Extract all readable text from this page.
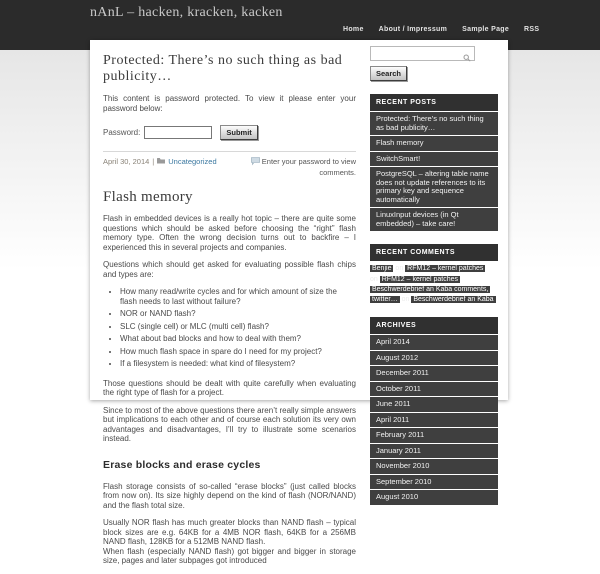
nAnL – hacken, kracken, kacken
Home About / Impressum Sample Page RSS
Protected: There’s no such thing as bad publicity…

This content is password protected. To view it please enter your password below:

Password:	Submit
April 30, 2014 | Uncategorized	Enter your password to view comments.
Flash memory

Flash in embedded devices is a really hot topic – there are quite some questions which should be asked before choosing the “right” flash memory type. Often the wrong decision turns out to backfire – I experienced this in several projects and companies.

Questions which should get asked for evaluating possible flash chips and types are:

• How many read/write cycles and for which amount of size the flash needs to last without failure?
• NOR or NAND flash?
• SLC (single cell) or MLC (multi cell) flash?
• What about bad blocks and how to deal with them?
• How much flash space in spare do I need for my project?
• If a filesystem is needed: what kind of filesystem?

Those questions should be dealt with quite carefully when evaluating the right type of flash for a project.

Since to most of the above questions there aren’t really simple answers but implications to each other and of course each solution its very own advantages and disadvantages, I’ll try to illustrate some scenarios instead.

Erase blocks and erase cycles

Flash storage consists of so-called “erase blocks” (just called blocks from now on). Its size highly depend on the kind of flash (NOR/NAND) and the flash total size.

Usually NOR flash has much greater blocks than NAND flash – typical block sizes are e.g. 64KB for a 4MB NOR flash, 64KB for a 256MB NAND flash, 128KB for a 512MB NAND flash.

When flash (especially NAND flash) got bigger and bigger in storage size, pages and later subpages got introduced

Search
RECENT POSTS
Protected: There’s no such thing as bad publicity…
Flash memory
SwitchSmart!
PostgreSQL – altering table name does not update references to its primary key and sequence automatically
LinuxInput devices (in Qt embedded) – take care!
RECENT COMMENTS
Benjie on RFM12 – kernel patches
on RFM12 – kernel patches
Beschwerdebrief an Kaba comments, twitter… on Beschwerdebrief an Kaba
ARCHIVES
April 2014
August 2012
December 2011
October 2011
June 2011
April 2011
February 2011
January 2011
November 2010
September 2010
August 2010
